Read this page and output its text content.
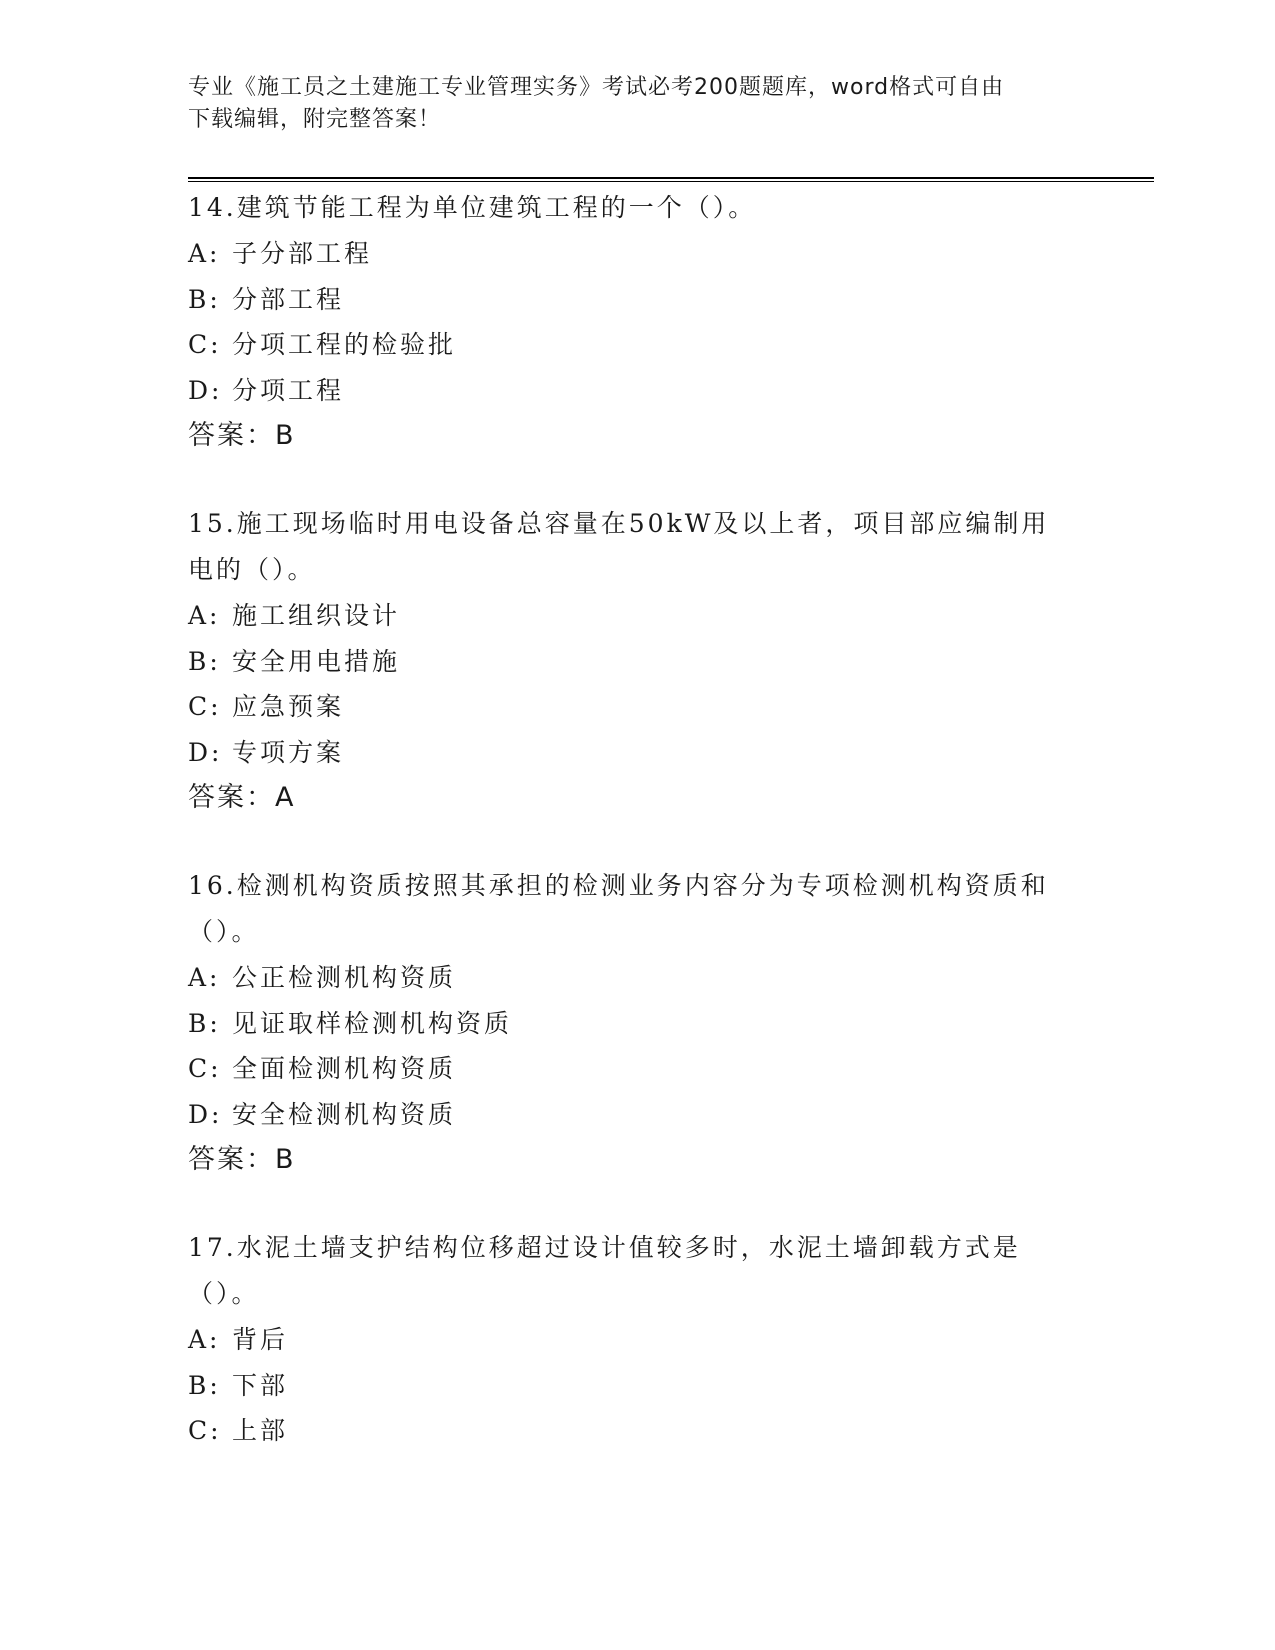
专业《施工员之土建施工专业管理实务》考试必考200题题库，word格式可自由
下载编辑，附完整答案！
14.建筑节能工程为单位建筑工程的一个（）。
A: 子分部工程
B: 分部工程
C: 分项工程的检验批
D: 分项工程
答案：B
15.施工现场临时用电设备总容量在50kW及以上者，项目部应编制用电的（）。
A: 施工组织设计
B: 安全用电措施
C: 应急预案
D: 专项方案
答案：A
16.检测机构资质按照其承担的检测业务内容分为专项检测机构资质和（）。
A: 公正检测机构资质
B: 见证取样检测机构资质
C: 全面检测机构资质
D: 安全检测机构资质
答案：B
17.水泥土墙支护结构位移超过设计值较多时，水泥土墙卸载方式是（）。
A: 背后
B: 下部
C: 上部
